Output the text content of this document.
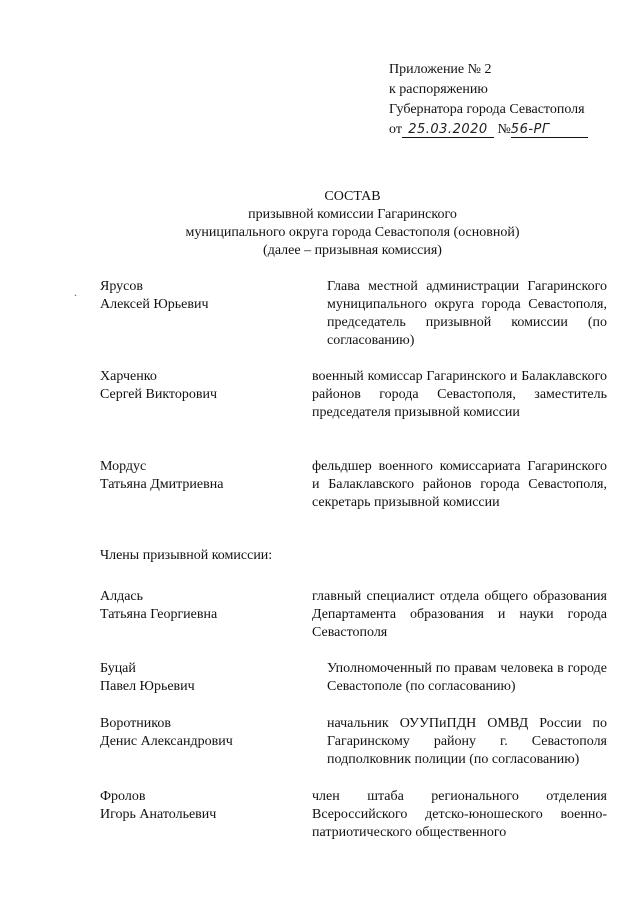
Приложение № 2
к распоряжению
Губернатора города Севастополя
от 25.03.2020 №56-РГ
СОСТАВ
призывной комиссии Гагаринского
муниципального округа города Севастополя (основной)
(далее – призывная комиссия)
. Ярусов
Алексей Юрьевич
Глава местной администрации Гагаринского муниципального округа города Севастополя, председатель призывной комиссии (по согласованию)
Харченко
Сергей Викторович
военный комиссар Гагаринского и Балаклавского районов города Севастополя, заместитель председателя призывной комиссии
Мордус
Татьяна Дмитриевна
фельдшер военного комиссариата Гагаринского и Балаклавского районов города Севастополя, секретарь призывной комиссии
Члены призывной комиссии:
Алдась
Татьяна Георгиевна
главный специалист отдела общего образования Департамента образования и науки города Севастополя
Буцай
Павел Юрьевич
Уполномоченный по правам человека в городе Севастополе (по согласованию)
Воротников
Денис Александрович
начальник ОУУПиПДН ОМВД России по Гагаринскому району г. Севастополя подполковник полиции (по согласованию)
Фролов
Игорь Анатольевич
член штаба регионального отделения Всероссийского детско-юношеского военно-патриотического общественного
